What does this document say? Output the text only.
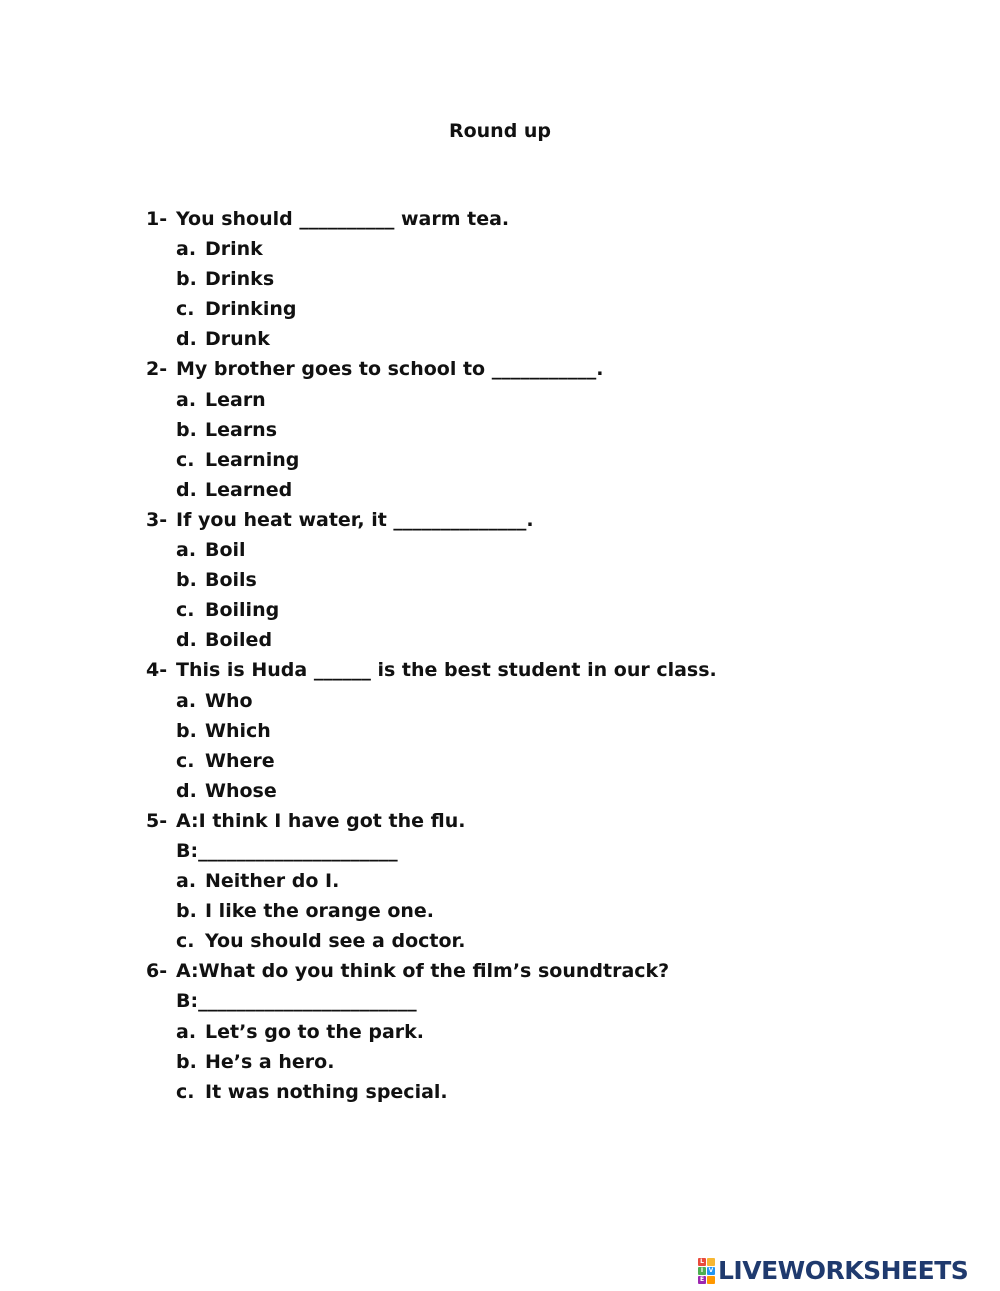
Round up
1- You should __________ warm tea.
a. Drink
b. Drinks
c. Drinking
d. Drunk
2- My brother goes to school to ___________.
a. Learn
b. Learns
c. Learning
d. Learned
3- If you heat water, it ______________.
a. Boil
b. Boils
c. Boiling
d. Boiled
4- This is Huda ______ is the best student in our class.
a. Who
b. Which
c. Where
d. Whose
5- A:I think I have got the flu.
B:_____________________
a. Neither do I.
b. I like the orange one.
c. You should see a doctor.
6- A:What do you think of the film’s soundtrack?
B:_______________________
a. Let’s go to the park.
b. He’s a hero.
c. It was nothing special.
L
I V
E LIVEWORKSHEETS
